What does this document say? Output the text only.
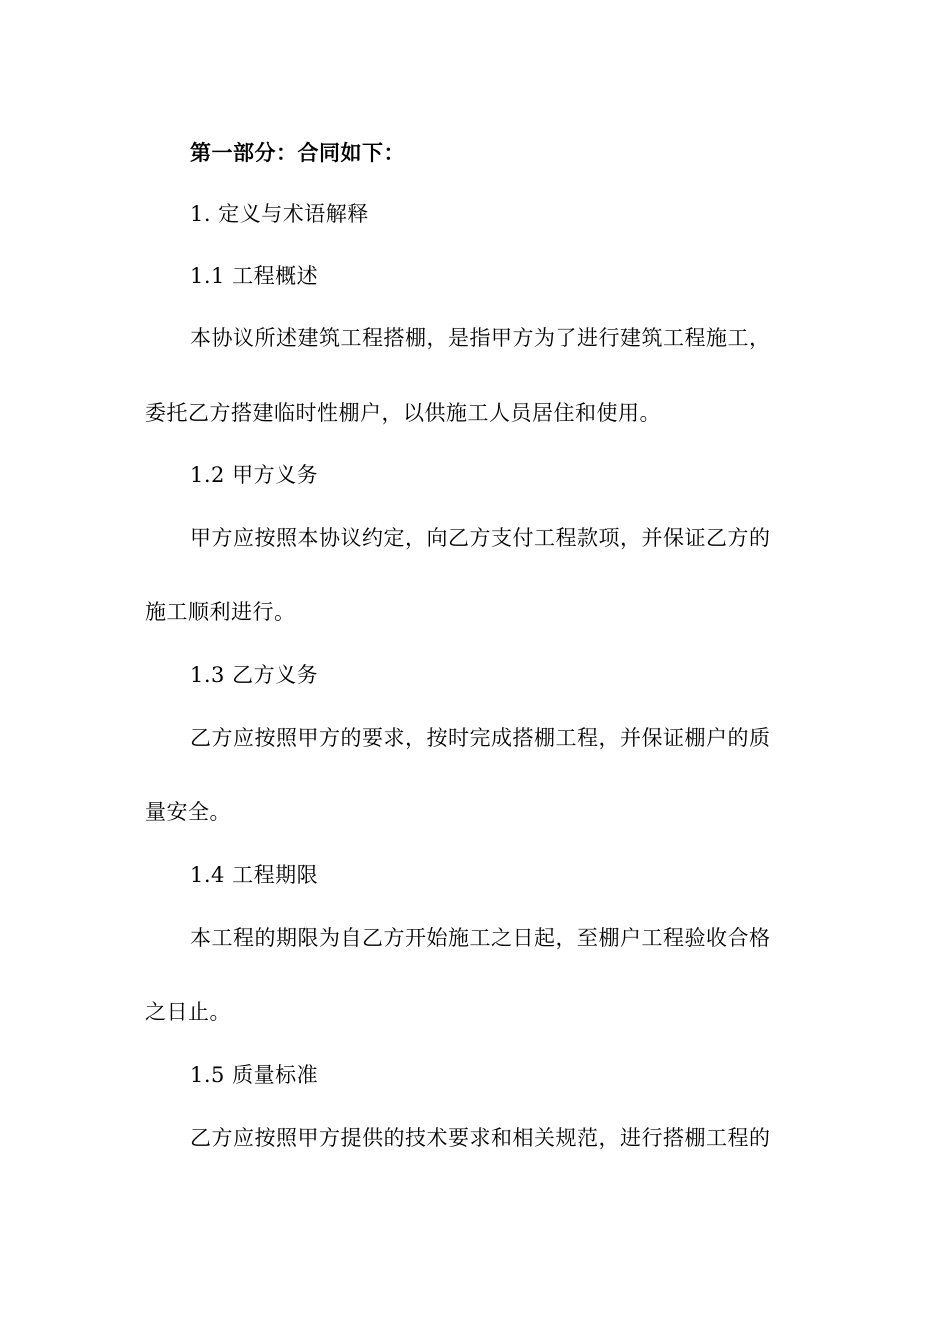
第一部分：合同如下：
1. 定义与术语解释
1.1 工程概述
本协议所述建筑工程搭棚，是指甲方为了进行建筑工程施工，
委托乙方搭建临时性棚户，以供施工人员居住和使用。
1.2 甲方义务
甲方应按照本协议约定，向乙方支付工程款项，并保证乙方的
施工顺利进行。
1.3 乙方义务
乙方应按照甲方的要求，按时完成搭棚工程，并保证棚户的质
量安全。
1.4 工程期限
本工程的期限为自乙方开始施工之日起，至棚户工程验收合格
之日止。
1.5 质量标准
乙方应按照甲方提供的技术要求和相关规范，进行搭棚工程的
